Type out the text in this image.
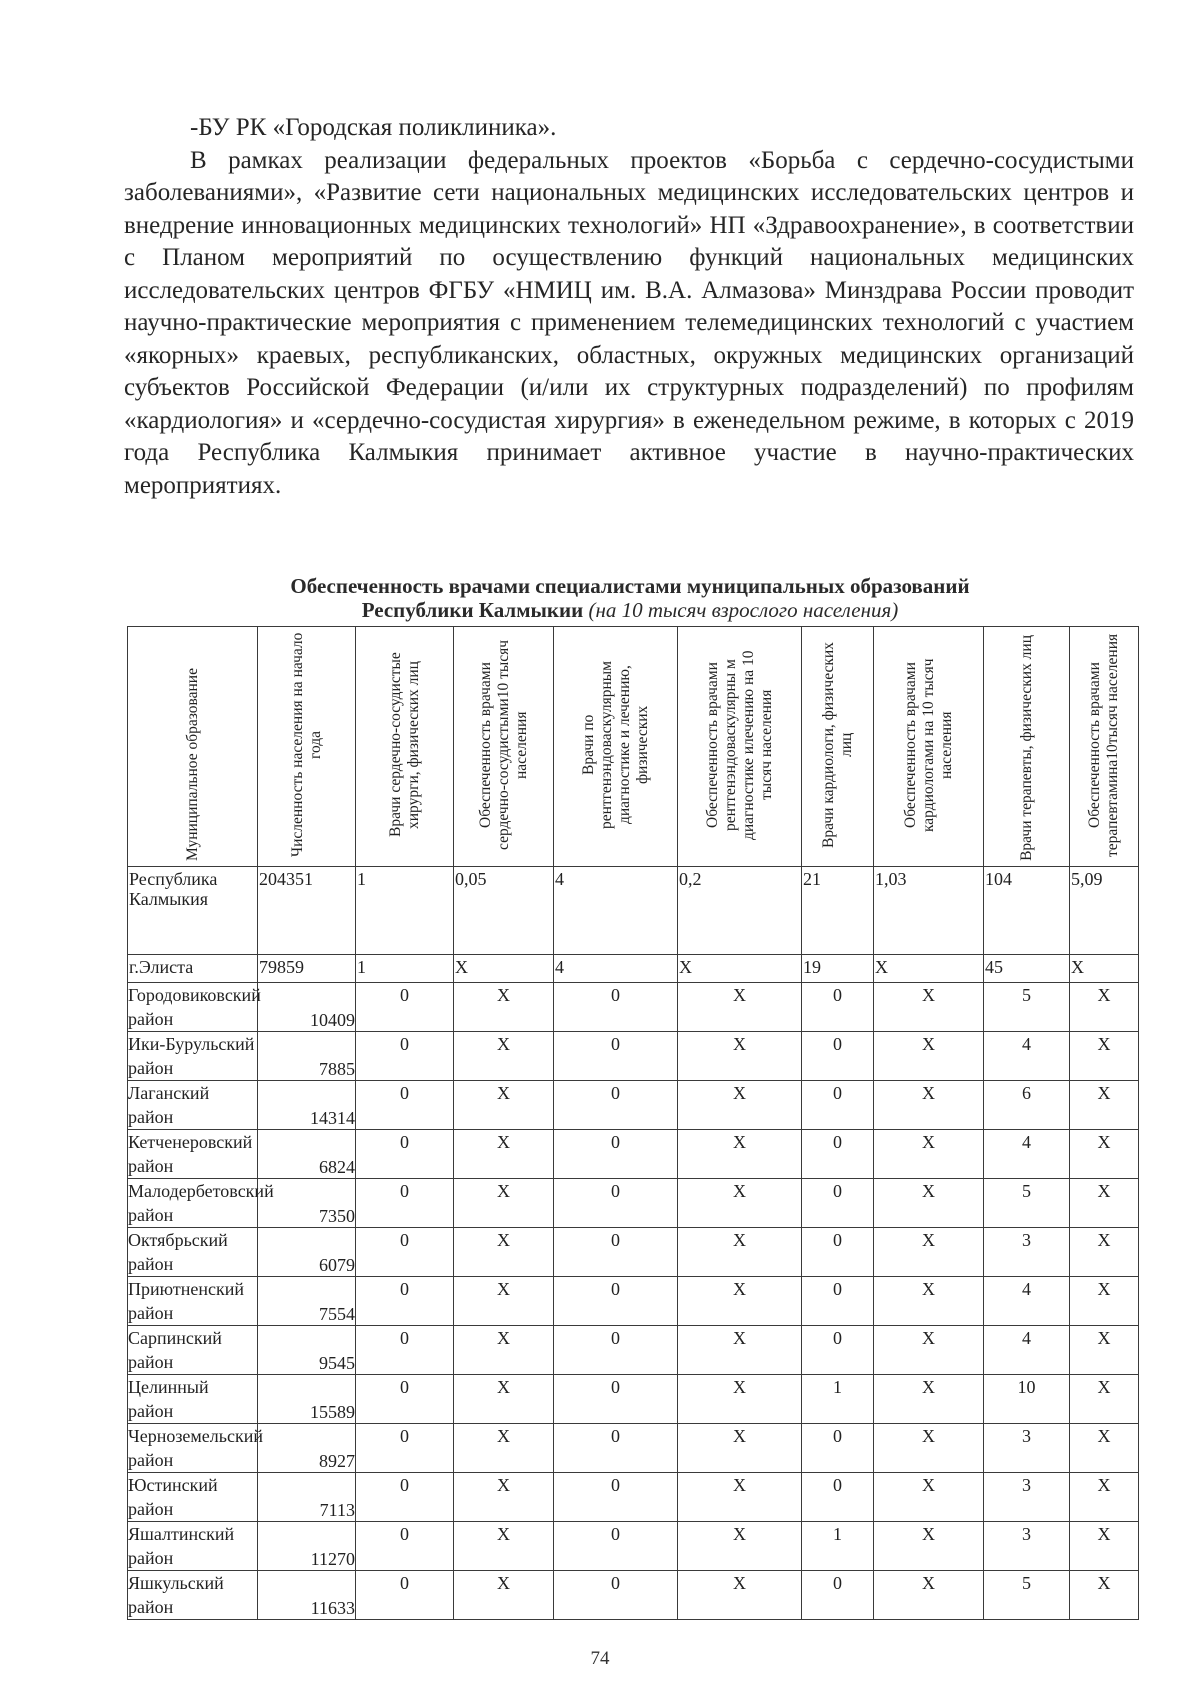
-БУ РК «Городская поликлиника».

В рамках реализации федеральных проектов «Борьба с сердечно-сосудистыми заболеваниями», «Развитие сети национальных медицинских исследовательских центров и внедрение инновационных медицинских технологий» НП «Здравоохранение», в соответствии с Планом мероприятий по осуществлению функций национальных медицинских исследовательских центров ФГБУ «НМИЦ им. В.А. Алмазова» Минздрава России проводит научно-практические мероприятия с применением телемедицинских технологий с участием «якорных» краевых, республиканских, областных, окружных медицинских организаций субъектов Российской Федерации (и/или их структурных подразделений) по профилям «кардиология» и «сердечно-сосудистая хирургия» в еженедельном режиме, в которых с 2019 года Республика Калмыкия принимает активное участие в научно-практических мероприятиях.

Обеспеченность врачами специалистами муниципальных образований
Республики Калмыкии (на 10 тысяч взрослого населения)
Муниципальное образование	Численность населения на начало года	Врачи сердечно-сосудистые хирурги, физических лиц	Обеспеченность врачами сердечно-сосудистыми10 тысяч населения	Врачи по рентгенэндоваскулярным диагностике и лечению, физических	Обеспеченность врачами рентгенэндоваскулярны м диагностике илечению на 10 тысяч населения	Врачи кардиологи, физических лиц	Обеспеченность врачами кардиологами на 10 тысяч населения	Врачи терапевты, физических лиц	Обеспеченность врачами терапевтамина10тысяч населения
Республика Калмыкия	204351	1	0,05	4	0,2	21	1,03	104	5,09
г.Элиста	79859	1	X	4	X	19	X	45	X
Городовиковский район	10409	0	X	0	X	0	X	5	X
Ики-Бурульский район	7885	0	X	0	X	0	X	4	X
Лаганский район	14314	0	X	0	X	0	X	6	X
Кетченеровский район	6824	0	X	0	X	0	X	4	X
Малодербетовский район	7350	0	X	0	X	0	X	5	X
Октябрьский район	6079	0	X	0	X	0	X	3	X
Приютненский район	7554	0	X	0	X	0	X	4	X
Сарпинский район	9545	0	X	0	X	0	X	4	X
Целинный район	15589	0	X	0	X	1	X	10	X
Черноземельский район	8927	0	X	0	X	0	X	3	X
Юстинский район	7113	0	X	0	X	0	X	3	X
Яшалтинский район	11270	0	X	0	X	1	X	3	X
Яшкульский район	11633	0	X	0	X	0	X	5	X
74
